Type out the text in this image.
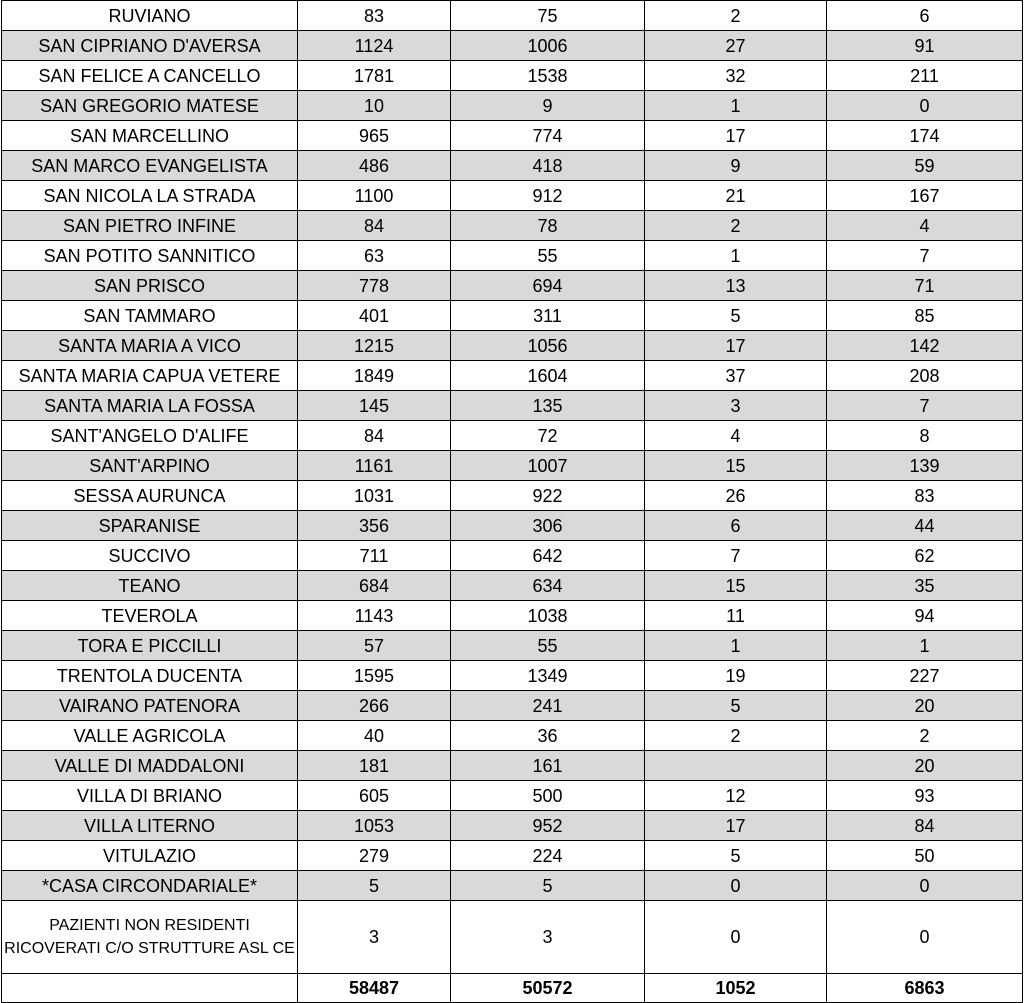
RUVIANO	83	75	2	6
SAN CIPRIANO D'AVERSA	1124	1006	27	91
SAN FELICE A CANCELLO	1781	1538	32	211
SAN GREGORIO MATESE	10	9	1	0
SAN MARCELLINO	965	774	17	174
SAN MARCO EVANGELISTA	486	418	9	59
SAN NICOLA LA STRADA	1100	912	21	167
SAN PIETRO INFINE	84	78	2	4
SAN POTITO SANNITICO	63	55	1	7
SAN PRISCO	778	694	13	71
SAN TAMMARO	401	311	5	85
SANTA MARIA A VICO	1215	1056	17	142
SANTA MARIA CAPUA VETERE	1849	1604	37	208
SANTA MARIA LA FOSSA	145	135	3	7
SANT'ANGELO D'ALIFE	84	72	4	8
SANT'ARPINO	1161	1007	15	139
SESSA AURUNCA	1031	922	26	83
SPARANISE	356	306	6	44
SUCCIVO	711	642	7	62
TEANO	684	634	15	35
TEVEROLA	1143	1038	11	94
TORA E PICCILLI	57	55	1	1
TRENTOLA DUCENTA	1595	1349	19	227
VAIRANO PATENORA	266	241	5	20
VALLE AGRICOLA	40	36	2	2
VALLE DI MADDALONI	181	161		20
VILLA DI BRIANO	605	500	12	93
VILLA LITERNO	1053	952	17	84
VITULAZIO	279	224	5	50
*CASA CIRCONDARIALE*	5	5	0	0
PAZIENTI NON RESIDENTI RICOVERATI C/O STRUTTURE ASL CE	3	3	0	0
	58487	50572	1052	6863
